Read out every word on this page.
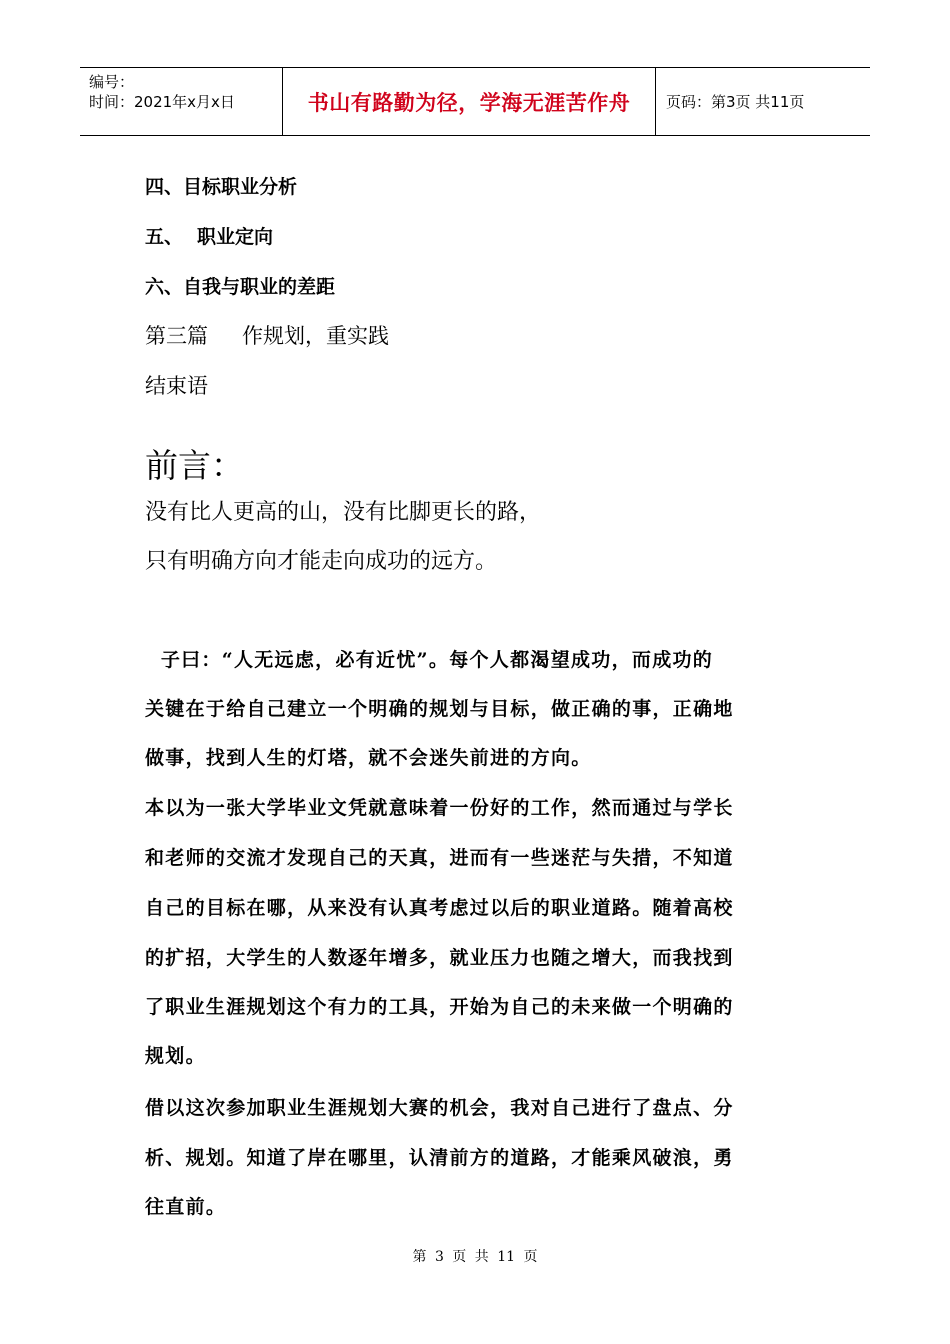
编号：
时间：2021年x月x日	书山有路勤为径，学海无涯苦作舟	页码：第3页 共11页
四、目标职业分析
五、 职业定向
六、自我与职业的差距
第三篇 作规划，重实践
结束语
前言：
没有比人更高的山，没有比脚更长的路，
只有明确方向才能走向成功的远方。
子曰：“人无远虑，必有近忧”。每个人都渴望成功，而成功的
关键在于给自己建立一个明确的规划与目标，做正确的事，正确地
做事，找到人生的灯塔，就不会迷失前进的方向。
本以为一张大学毕业文凭就意味着一份好的工作，然而通过与学长
和老师的交流才发现自己的天真，进而有一些迷茫与失措，不知道
自己的目标在哪，从来没有认真考虑过以后的职业道路。随着高校
的扩招，大学生的人数逐年增多，就业压力也随之增大，而我找到
了职业生涯规划这个有力的工具，开始为自己的未来做一个明确的
规划。
借以这次参加职业生涯规划大赛的机会，我对自己进行了盘点、分
析、规划。知道了岸在哪里，认清前方的道路，才能乘风破浪，勇
往直前。
第 3 页 共 11 页
